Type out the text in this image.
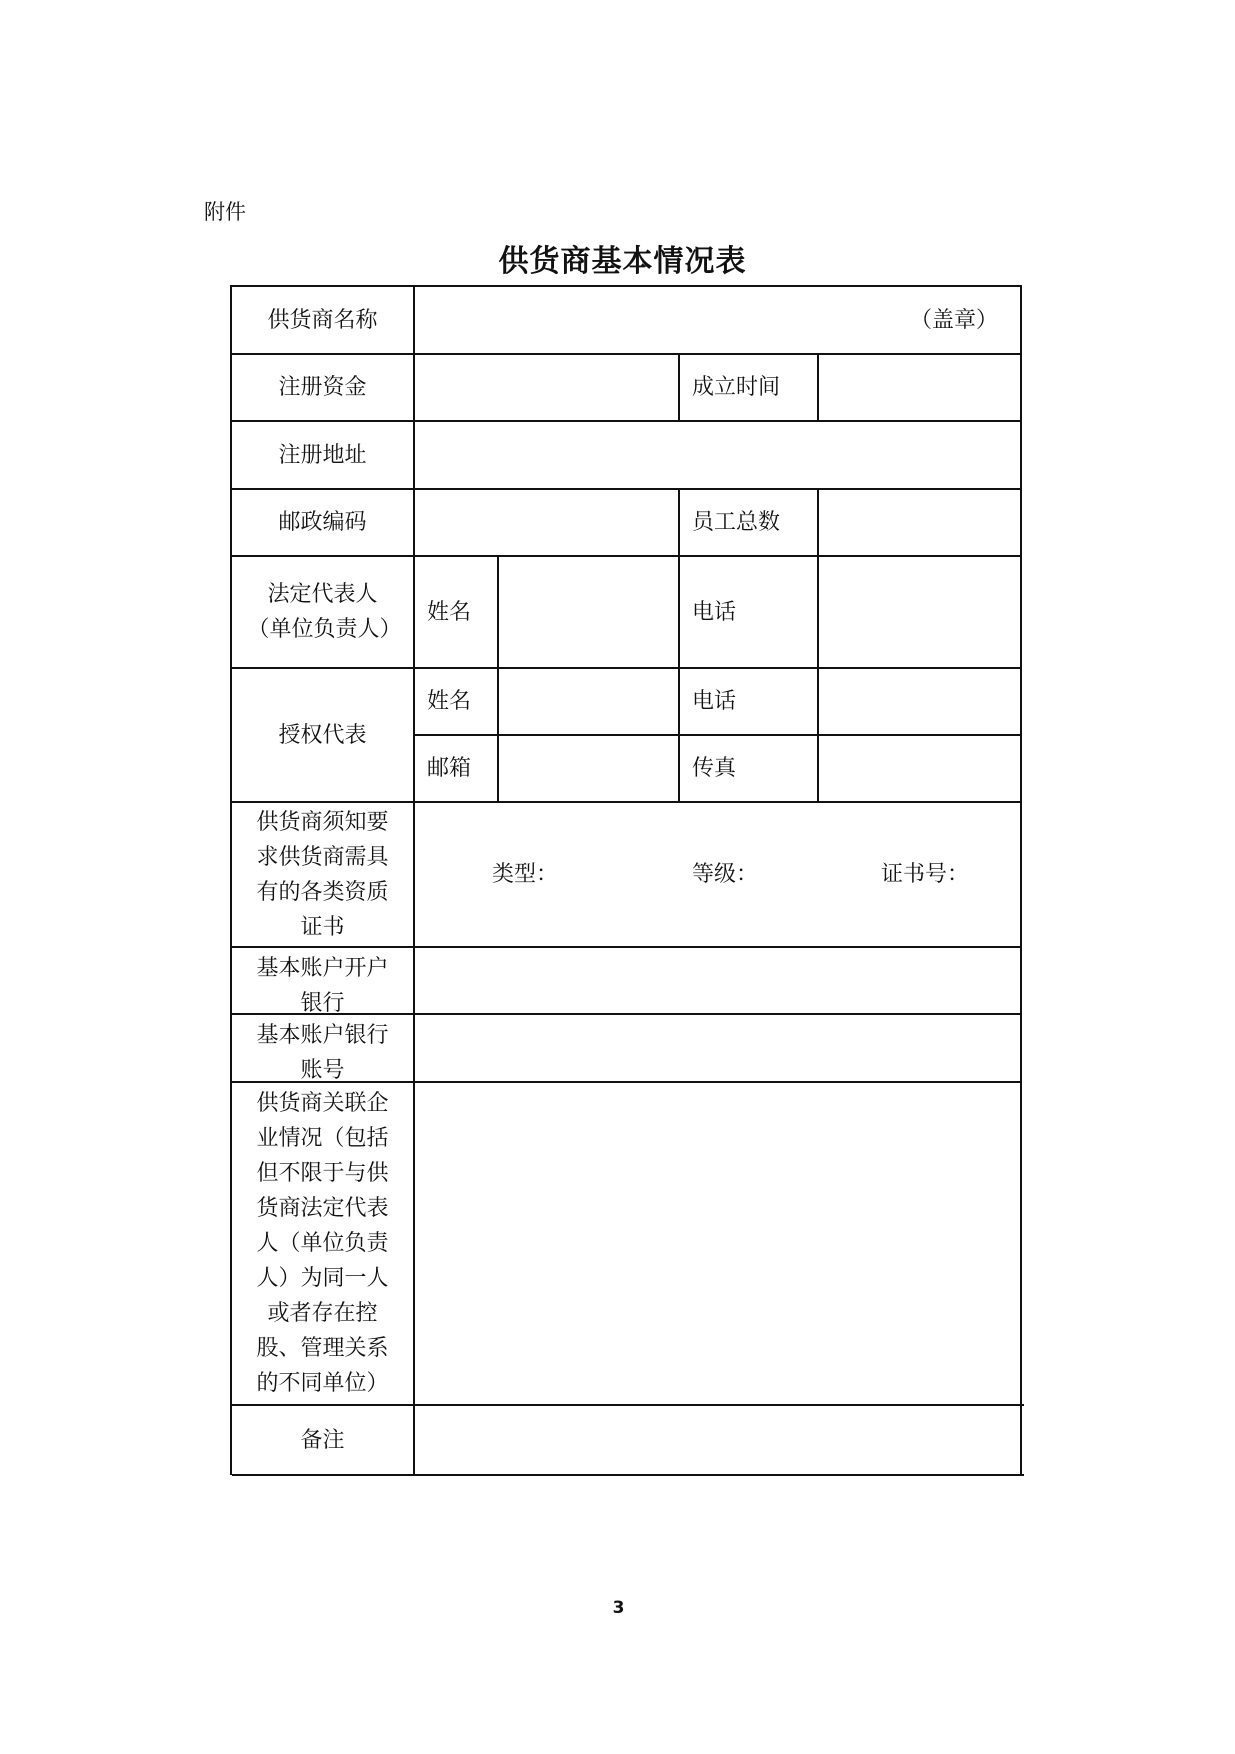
附件
供货商基本情况表
供货商名称	（盖章）
注册资金	成立时间
注册地址
邮政编码	员工总数
法定代表人（单位负责人）
姓名	电话
授权代表
姓名	电话
邮箱	传真
供货商须知要求供货商需具有的各类资质证书
类型：	等级：	证书号：
基本账户开户银行
基本账户银行账号
供货商关联企业情况（包括但不限于与供货商法定代表人（单位负责人）为同一人或者存在控股、管理关系的不同单位）
备注
3
